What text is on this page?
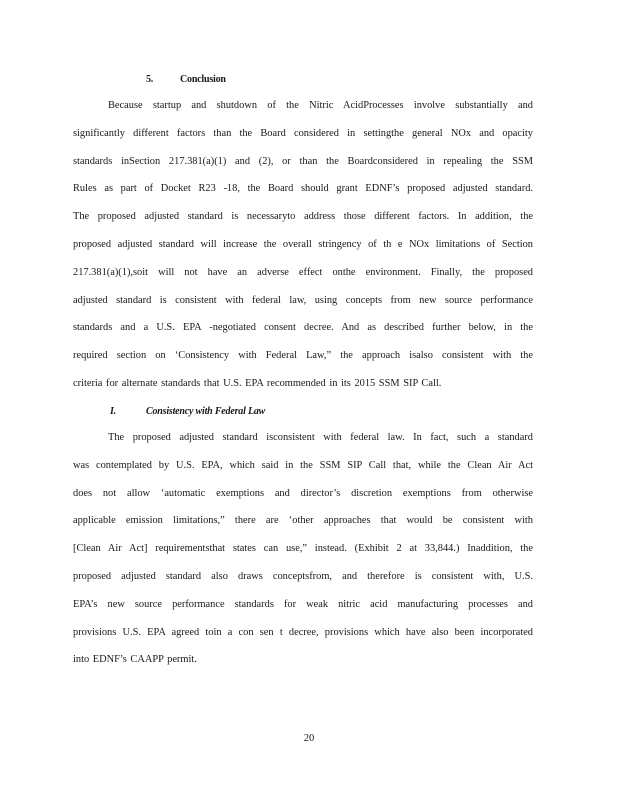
5.	Conclusion
Because startup and shutdown of the Nitric AcidProcesses involve substantially and
significantly different factors than the Board considered in settingthe general NOx and opacity
standards inSection 217.381(a)(1) and (2), or than the Boardconsidered in repealing the SSM
Rules as part of Docket R23 -18, the Board should grant EDNF’s proposed adjusted standard.
The proposed adjusted standard is necessaryto address those different factors. In addition, the
proposed adjusted standard will increase the overall stringency of th e NOx limitations of Section
217.381(a)(1),soit will not have an adverse effect onthe environment. Finally, the proposed
adjusted standard is consistent with federal law, using concepts from new source performance
standards and a U.S. EPA -negotiated consent decree. And as described further below, in the
required section on ‘Consistency with Federal Law,” the approach isalso consistent with the
criteria for alternate standards that U.S. EPA recommended in its 2015 SSM SIP Call.
I.	Consistency with Federal Law
The proposed adjusted standard isconsistent with federal law. In fact, such a standard
was contemplated by U.S. EPA, which said in the SSM SIP Call that, while the Clean Air Act
does not allow ‘automatic exemptions and director’s discretion exemptions from otherwise
applicable emission limitations,” there are ‘other approaches that would be consistent with
[Clean Air Act] requirementsthat states can use,” instead. (Exhibit 2 at 33,844.) Inaddition, the
proposed adjusted standard also draws conceptsfrom, and therefore is consistent with, U.S.
EPA’s new source performance standards for weak nitric acid manufacturing processes and
provisions U.S. EPA agreed toin a con sen t decree, provisions which have also been incorporated
into EDNF’s CAAPP permit.
20
